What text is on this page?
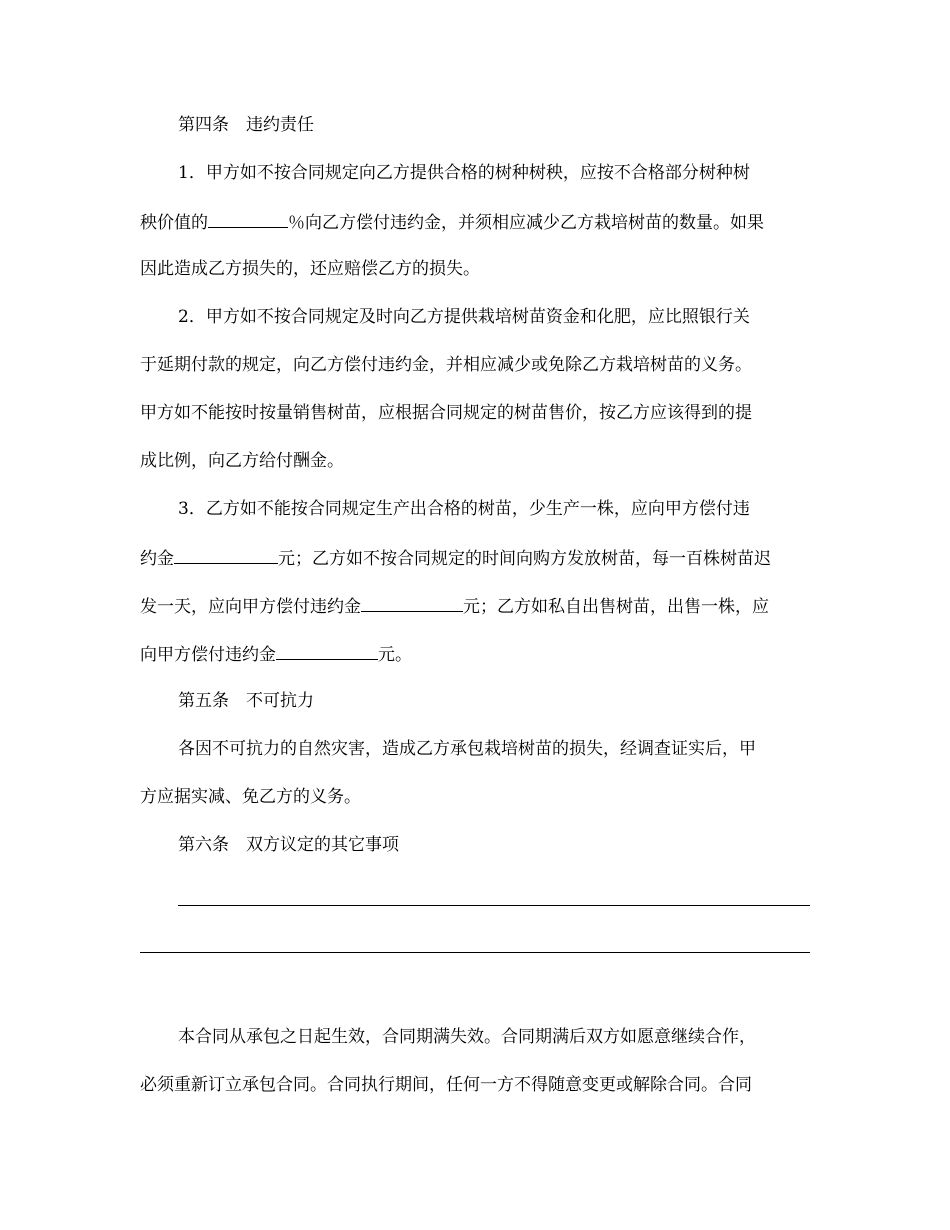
第四条　违约责任
1．甲方如不按合同规定向乙方提供合格的树种树秧，应按不合格部分树种树
秧价值的	％向乙方偿付违约金，并须相应减少乙方栽培树苗的数量。如果
因此造成乙方损失的，还应赔偿乙方的损失。
2．甲方如不按合同规定及时向乙方提供栽培树苗资金和化肥，应比照银行关
于延期付款的规定，向乙方偿付违约金，并相应减少或免除乙方栽培树苗的义务。
甲方如不能按时按量销售树苗，应根据合同规定的树苗售价，按乙方应该得到的提
成比例，向乙方给付酬金。
3．乙方如不能按合同规定生产出合格的树苗，少生产一株，应向甲方偿付违
约金	元；乙方如不按合同规定的时间向购方发放树苗，每一百株树苗迟
发一天，应向甲方偿付违约金	元；乙方如私自出售树苗，出售一株，应
向甲方偿付违约金	元。
第五条　不可抗力
各因不可抗力的自然灾害，造成乙方承包栽培树苗的损失，经调查证实后，甲
方应据实减、免乙方的义务。
第六条　双方议定的其它事项
本合同从承包之日起生效，合同期满失效。合同期满后双方如愿意继续合作，
必须重新订立承包合同。合同执行期间，任何一方不得随意变更或解除合同。合同
